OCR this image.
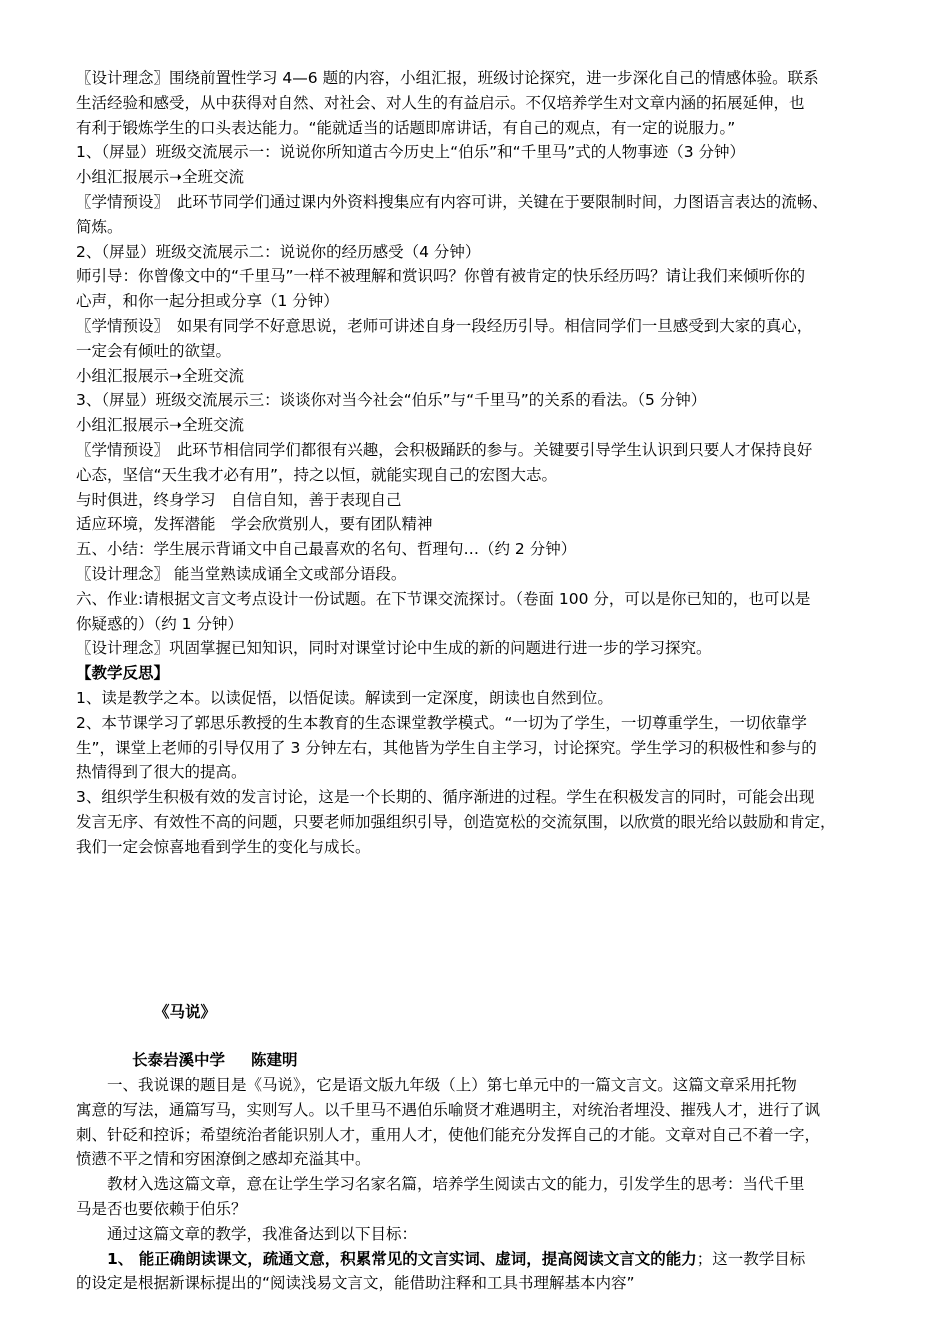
〖设计理念〗围绕前置性学习 4—6 题的内容，小组汇报，班级讨论探究，进一步深化自己的情感体验。联系
生活经验和感受，从中获得对自然、对社会、对人生的有益启示。不仅培养学生对文章内涵的拓展延伸，也
有利于锻炼学生的口头表达能力。“能就适当的话题即席讲话，有自己的观点，有一定的说服力。”
1、（屏显）班级交流展示一：说说你所知道古今历史上“伯乐”和“千里马”式的人物事迹（3 分钟）
小组汇报展示➝全班交流
〖学情预设〗　此环节同学们通过课内外资料搜集应有内容可讲，关键在于要限制时间，力图语言表达的流畅、
简炼。
2、（屏显）班级交流展示二：说说你的经历感受（4 分钟）
师引导：你曾像文中的“千里马”一样不被理解和赏识吗？你曾有被肯定的快乐经历吗？请让我们来倾听你的
心声，和你一起分担或分享（1 分钟）
〖学情预设〗　如果有同学不好意思说，老师可讲述自身一段经历引导。相信同学们一旦感受到大家的真心，
一定会有倾吐的欲望。
小组汇报展示➝全班交流
3、（屏显）班级交流展示三：谈谈你对当今社会“伯乐”与“千里马”的关系的看法。（5 分钟）
小组汇报展示➝全班交流
〖学情预设〗　此环节相信同学们都很有兴趣，会积极踊跃的参与。关键要引导学生认识到只要人才保持良好
心态，坚信“天生我才必有用”，持之以恒，就能实现自己的宏图大志。
与时俱进，终身学习　自信自知，善于表现自己
适应环境，发挥潜能　学会欣赏别人，要有团队精神
五、小结：学生展示背诵文中自己最喜欢的名句、哲理句…（约 2 分钟）
〖设计理念〗 能当堂熟读成诵全文或部分语段。
六、作业:请根据文言文考点设计一份试题。在下节课交流探讨。（卷面 100 分，可以是你已知的，也可以是
你疑惑的）（约 1 分钟）
〖设计理念〗巩固掌握已知知识，同时对课堂讨论中生成的新的问题进行进一步的学习探究。
【教学反思】
1、读是教学之本。以读促悟，以悟促读。解读到一定深度，朗读也自然到位。
2、本节课学习了郭思乐教授的生本教育的生态课堂教学模式。“一切为了学生，一切尊重学生，一切依靠学
生”，课堂上老师的引导仅用了 3 分钟左右，其他皆为学生自主学习，讨论探究。学生学习的积极性和参与的
热情得到了很大的提高。
3、组织学生积极有效的发言讨论，这是一个长期的、循序渐进的过程。学生在积极发言的同时，可能会出现
发言无序、有效性不高的问题，只要老师加强组织引导，创造宽松的交流氛围，以欣赏的眼光给以鼓励和肯定，
我们一定会惊喜地看到学生的变化与成长。
《马说》
长泰岩溪中学 陈建明
一、我说课的题目是《马说》，它是语文版九年级（上）第七单元中的一篇文言文。这篇文章采用托物
寓意的写法，通篇写马，实则写人。以千里马不遇伯乐喻贤才难遇明主，对统治者埋没、摧残人才，进行了讽
刺、针砭和控诉；希望统治者能识别人才，重用人才，使他们能充分发挥自己的才能。文章对自己不着一字，
愤懑不平之情和穷困潦倒之感却充溢其中。
教材入选这篇文章，意在让学生学习名家名篇，培养学生阅读古文的能力，引发学生的思考：当代千里
马是否也要依赖于伯乐？
通过这篇文章的教学，我准备达到以下目标：
1、 能正确朗读课文，疏通文意，积累常见的文言实词、虚词，提高阅读文言文的能力；这一教学目标
的设定是根据新课标提出的“阅读浅易文言文，能借助注释和工具书理解基本内容”
